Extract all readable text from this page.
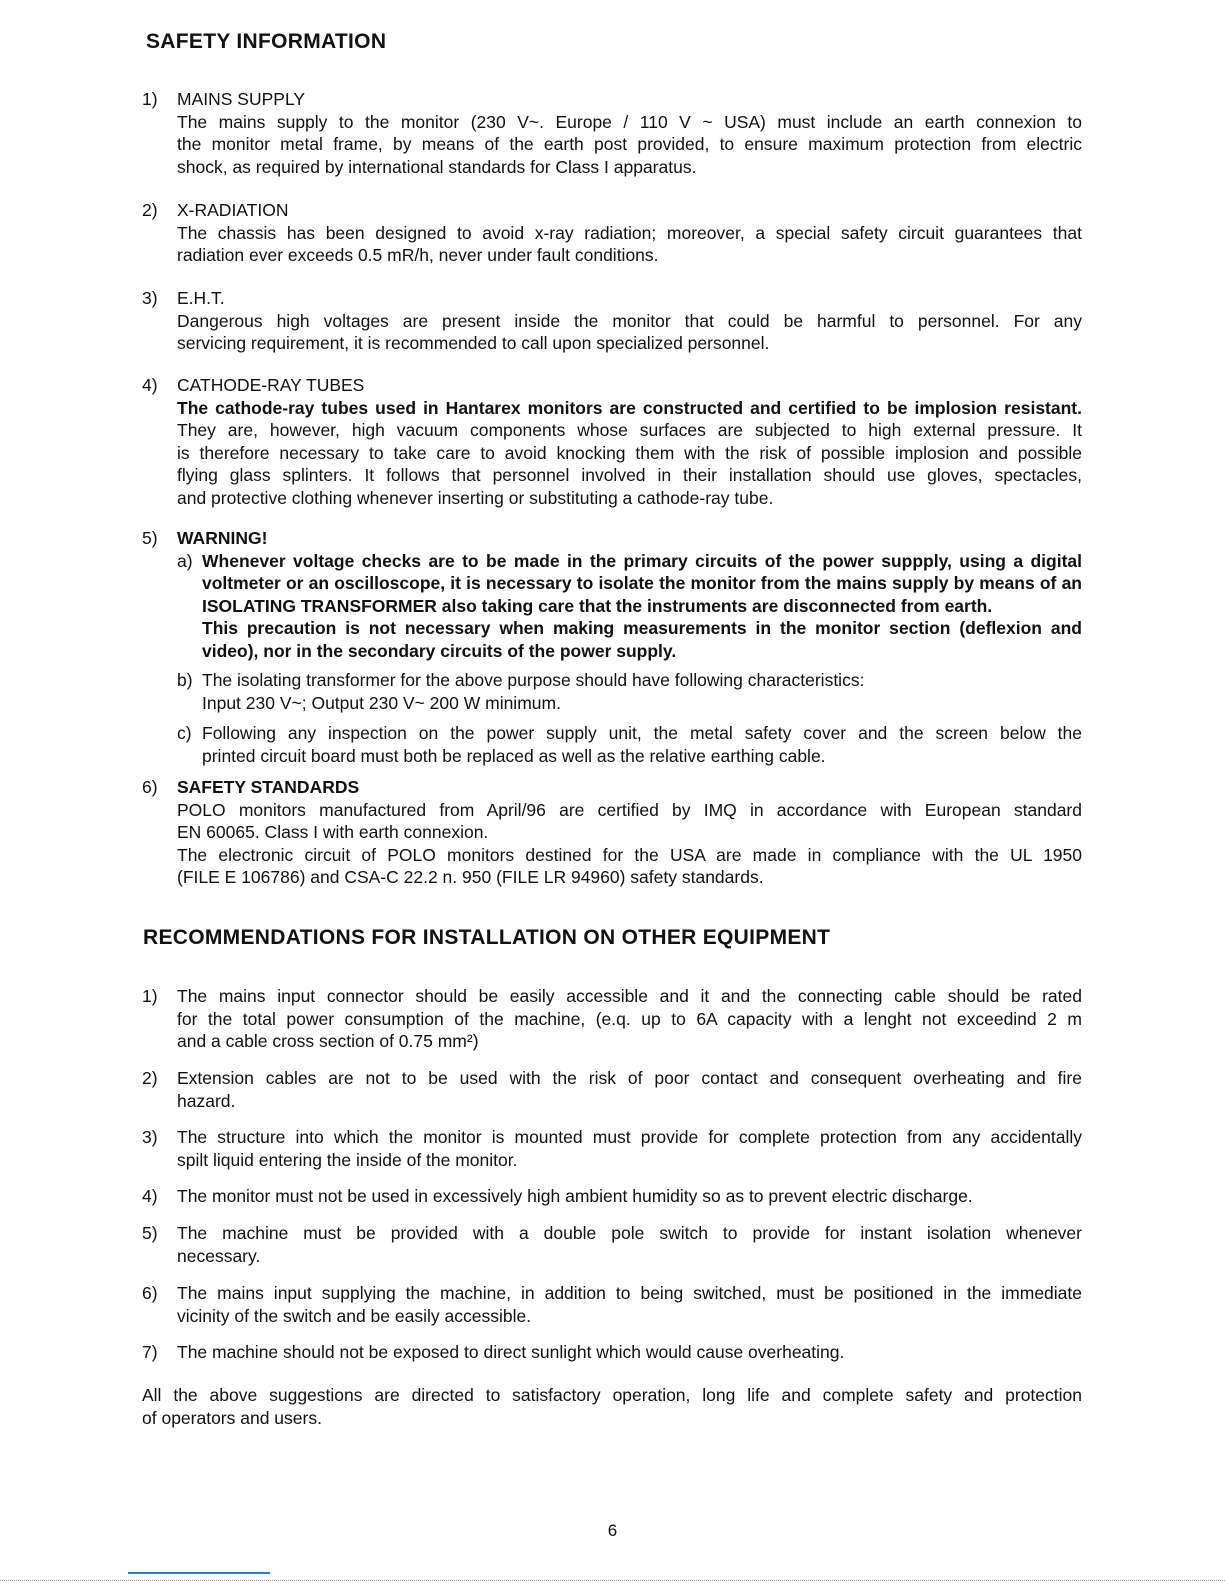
SAFETY INFORMATION
1)	MAINS SUPPLY
The mains supply to the monitor (230 V~. Europe / 110 V ~ USA) must include an earth connexion to
the monitor metal frame, by means of the earth post provided, to ensure maximum protection from electric
shock, as required by international standards for Class I apparatus.
2)	X-RADIATION
The chassis has been designed to avoid x-ray radiation; moreover, a special safety circuit guarantees that
radiation ever exceeds 0.5 mR/h, never under fault conditions.
3)	E.H.T.
Dangerous high voltages are present inside the monitor that could be harmful to personnel. For any
servicing requirement, it is recommended to call upon specialized personnel.
4)	CATHODE-RAY TUBES
The cathode-ray tubes used in Hantarex monitors are constructed and certified to be implosion resistant.
They are, however, high vacuum components whose surfaces are subjected to high external pressure. It
is therefore necessary to take care to avoid knocking them with the risk of possible implosion and possible
flying glass splinters. It follows that personnel involved in their installation should use gloves, spectacles,
and protective clothing whenever inserting or substituting a cathode-ray tube.
5)	WARNING!
a) Whenever voltage checks are to be made in the primary circuits of the power suppply, using a digital
voltmeter or an oscilloscope, it is necessary to isolate the monitor from the mains supply by means of an
ISOLATING TRANSFORMER also taking care that the instruments are disconnected from earth.
This precaution is not necessary when making measurements in the monitor section (deflexion and
video), nor in the secondary circuits of the power supply.
b) The isolating transformer for the above purpose should have following characteristics:
Input 230 V~; Output 230 V~ 200 W minimum.
c) Following any inspection on the power supply unit, the metal safety cover and the screen below the
printed circuit board must both be replaced as well as the relative earthing cable.
6)	SAFETY STANDARDS
POLO monitors manufactured from April/96 are certified by IMQ in accordance with European standard
EN 60065. Class I with earth connexion.
The electronic circuit of POLO monitors destined for the USA are made in compliance with the UL 1950
(FILE E 106786) and CSA-C 22.2 n. 950 (FILE LR 94960) safety standards.
RECOMMENDATIONS FOR INSTALLATION ON OTHER EQUIPMENT
1)	The mains input connector should be easily accessible and it and the connecting cable should be rated
for the total power consumption of the machine, (e.q. up to 6A capacity with a lenght not exceedind 2 m
and a cable cross section of 0.75 mm²)
2)	Extension cables are not to be used with the risk of poor contact and consequent overheating and fire
hazard.
3)	The structure into which the monitor is mounted must provide for complete protection from any accidentally
spilt liquid entering the inside of the monitor.
4)	The monitor must not be used in excessively high ambient humidity so as to prevent electric discharge.
5)	The machine must be provided with a double pole switch to provide for instant isolation whenever
necessary.
6)	The mains input supplying the machine, in addition to being switched, must be positioned in the immediate
vicinity of the switch and be easily accessible.
7)	The machine should not be exposed to direct sunlight which would cause overheating.
All the above suggestions are directed to satisfactory operation, long life and complete safety and protection
of operators and users.
6
